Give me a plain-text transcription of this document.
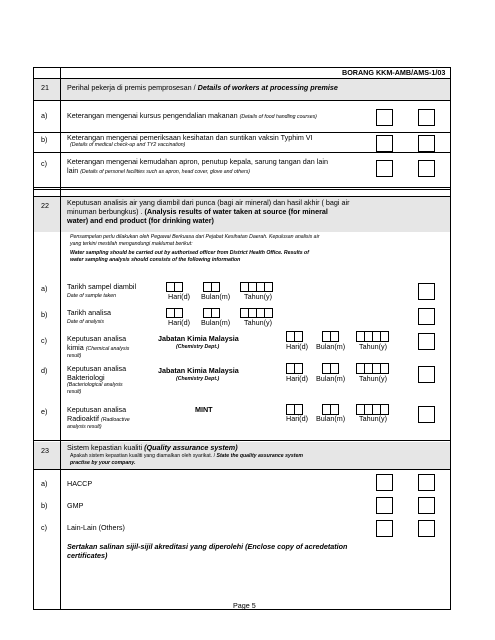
BORANG KKM-AMB/AMS-1/03
21	Perihal pekerja di premis pemprosesan / Details of workers at processing premise
a)	Keterangan mengenai kursus pengendalian makanan (Details of food handling courses)
b)	Keterangan mengenai pemeriksaan kesihatan dan suntikan vaksin Typhim VI
(Details of medical check-up and TY2 vaccination)
c)	Keterangan mengenai kemudahan apron, penutup kepala, sarung tangan dan lain
lain (Details of personel facilities such as apron, head cover, glove and others)
22	Keputusan analisis air yang diambil dari punca (bagi air mineral) dan hasil akhir ( bagi air
minuman berbungkus) . (Analysis results of water taken at source (for mineral
water) and end product (for drinking water)
Pensampelan perlu dilakukan oleh Pegawai Berkuasa dari Pejabat Kesihatan Daerah. Kepulusan analisis air
yang terkini mestilah mengandungi maklumat berikut:
Water sampling should be carried out by authorised officer from District Health Office. Results of
water sampling analysis should consists of the following information
a)	Tarikh sampel diambil
Date of sample taken	Hari(d) Bulan(m) Tahun(y)
b)	Tarikh analisa
Date of analysis	Hari(d) Bulan(m) Tahun(y)
c)	Keputusan analisa
kimia (Chemical analysis
result)
Jabatan Kimia Malaysia
(Chemistry Dept.)	Hari(d) Bulan(m) Tahun(y)
d)	Keputusan analisa
Bakteriologi
(Bacteriological analysis
result)
Jabatan Kimia Malaysia
(Chemistry Dept.)	Hari(d) Bulan(m) Tahun(y)
e)	Keputusan analisa
Radioaktif (Radioactive
analysis result)
MINT
Hari(d) Bulan(m) Tahun(y)
23	Sistem kepastian kualiti (Quality assurance system)
Apakah sistem kepastian kualiti yang diamalkan oleh syarikat. / State the quality assurance system
practise by your company.
a)	HACCP
b)	GMP
c)	Lain-Lain (Others)
Sertakan salinan sijil-sijil akreditasi yang diperolehi (Enclose copy of acredetation
certificates)
Page 5
